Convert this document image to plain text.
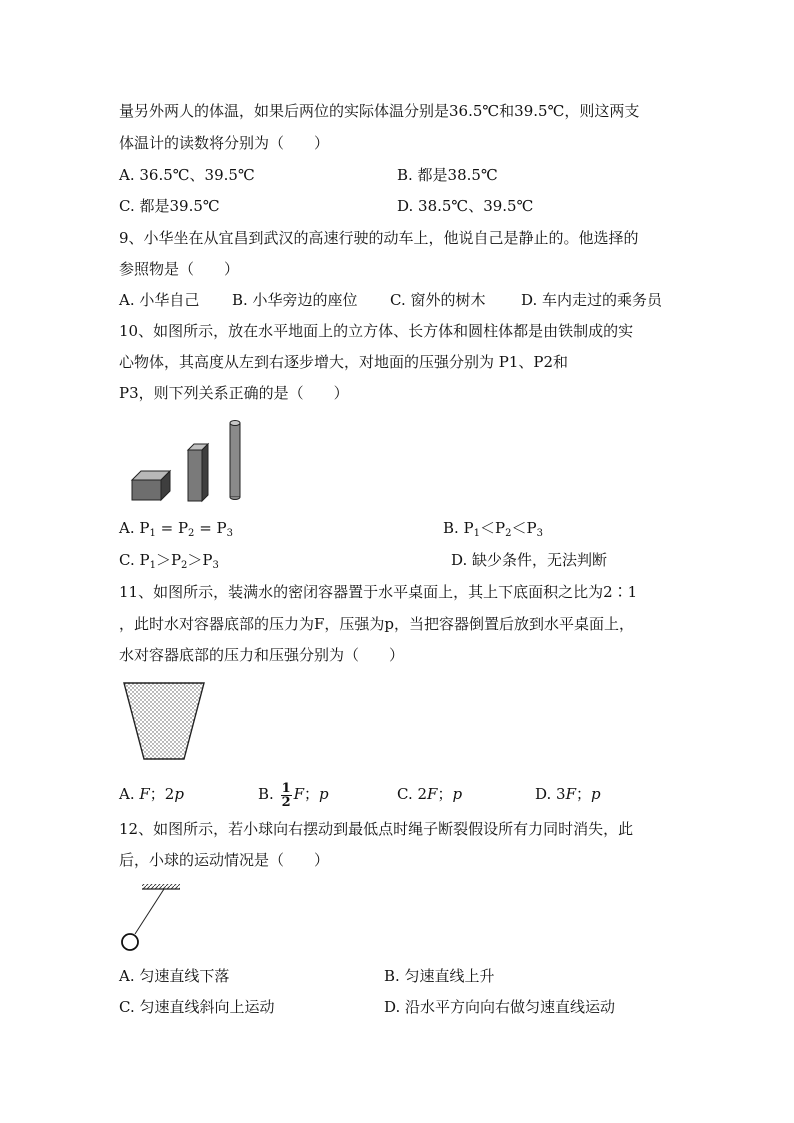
量另外两人的体温，如果后两位的实际体温分别是36.5℃和39.5℃，则这两支
体温计的读数将分别为（　　）
A. 36.5℃、39.5℃	B. 都是38.5℃
C. 都是39.5℃	D. 38.5℃、39.5℃
9、小华坐在从宜昌到武汉的高速行驶的动车上，他说自己是静止的。他选择的
参照物是（　　）
A. 小华自己 B. 小华旁边的座位 C. 窗外的树木 D. 车内走过的乘务员
10、如图所示，放在水平地面上的立方体、长方体和圆柱体都是由铁制成的实
心物体，其高度从左到右逐步增大，对地面的压强分别为 P1、P2和
P3，则下列关系正确的是（　　）
A. $P_1 = P_2 = P_3$	B. $P_1<P_2<P_3$
C. $P_1>P_2>P_3$	D. 缺少条件，无法判断
11、如图所示，装满水的密闭容器置于水平桌面上，其上下底面积之比为2∶1
，此时水对容器底部的压力为F，压强为p，当把容器倒置后放到水平桌面上，
水对容器底部的压力和压强分别为（　　）
A. F；2p	B. $\frac{1}{2}$ F；p	C. 2F；p	D. 3F；p
12、如图所示，若小球向右摆动到最低点时绳子断裂假设所有力同时消失，此
后，小球的运动情况是（　　）
A. 匀速直线下落	B. 匀速直线上升
C. 匀速直线斜向上运动	D. 沿水平方向向右做匀速直线运动
